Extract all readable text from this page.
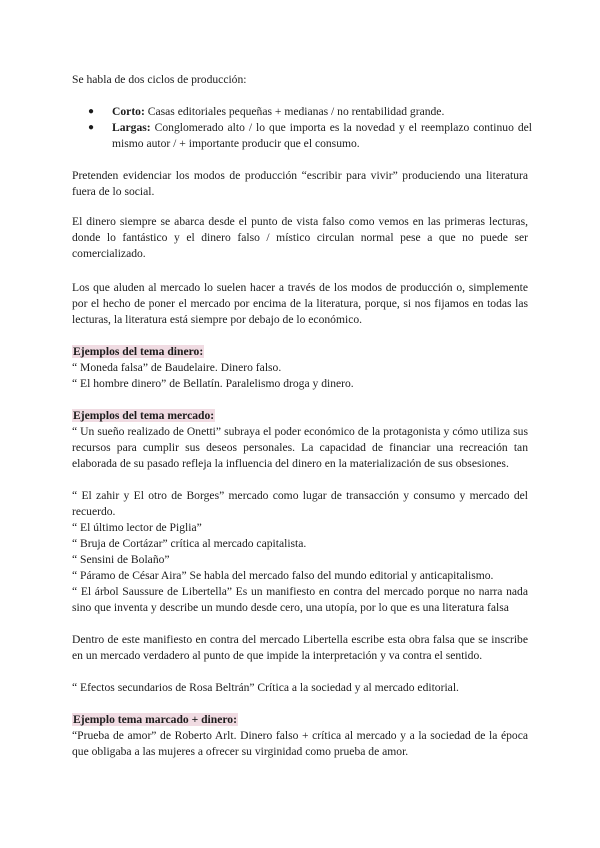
Se habla de dos ciclos de producción:

● Corto: Casas editoriales pequeñas + medianas / no rentabilidad grande.

● Largas: Conglomerado alto / lo que importa es la novedad y el reemplazo continuo del mismo autor / + importante producir que el consumo.

Pretenden evidenciar los modos de producción “escribir para vivir” produciendo una literatura fuera de lo social.

El dinero siempre se abarca desde el punto de vista falso como vemos en las primeras lecturas, donde lo fantástico y el dinero falso / místico circulan normal pese a que no puede ser comercializado.

Los que aluden al mercado lo suelen hacer a través de los modos de producción o, simplemente por el hecho de poner el mercado por encima de la literatura, porque, si nos fijamos en todas las lecturas, la literatura está siempre por debajo de lo económico.

Ejemplos del tema dinero:

“ Moneda falsa” de Baudelaire. Dinero falso.

“ El hombre dinero” de Bellatín. Paralelismo droga y dinero.

Ejemplos del tema mercado:

“ Un sueño realizado de Onetti” subraya el poder económico de la protagonista y cómo utiliza sus recursos para cumplir sus deseos personales. La capacidad de financiar una recreación tan elaborada de su pasado refleja la influencia del dinero en la materialización de sus obsesiones.

“ El zahir y El otro de Borges” mercado como lugar de transacción y consumo y mercado del recuerdo.

“ El último lector de Piglia”

“ Bruja de Cortázar” crítica al mercado capitalista.

“ Sensini de Bolaño”

“ Páramo de César Aira” Se habla del mercado falso del mundo editorial y anticapitalismo.

“ El árbol Saussure de Libertella” Es un manifiesto en contra del mercado porque no narra nada sino que inventa y describe un mundo desde cero, una utopía, por lo que es una literatura falsa

Dentro de este manifiesto en contra del mercado Libertella escribe esta obra falsa que se inscribe en un mercado verdadero al punto de que impide la interpretación y va contra el sentido.

“ Efectos secundarios de Rosa Beltrán” Crítica a la sociedad y al mercado editorial.

Ejemplo tema marcado + dinero:

“Prueba de amor” de Roberto Arlt. Dinero falso + crítica al mercado y a la sociedad de la época que obligaba a las mujeres a ofrecer su virginidad como prueba de amor.
